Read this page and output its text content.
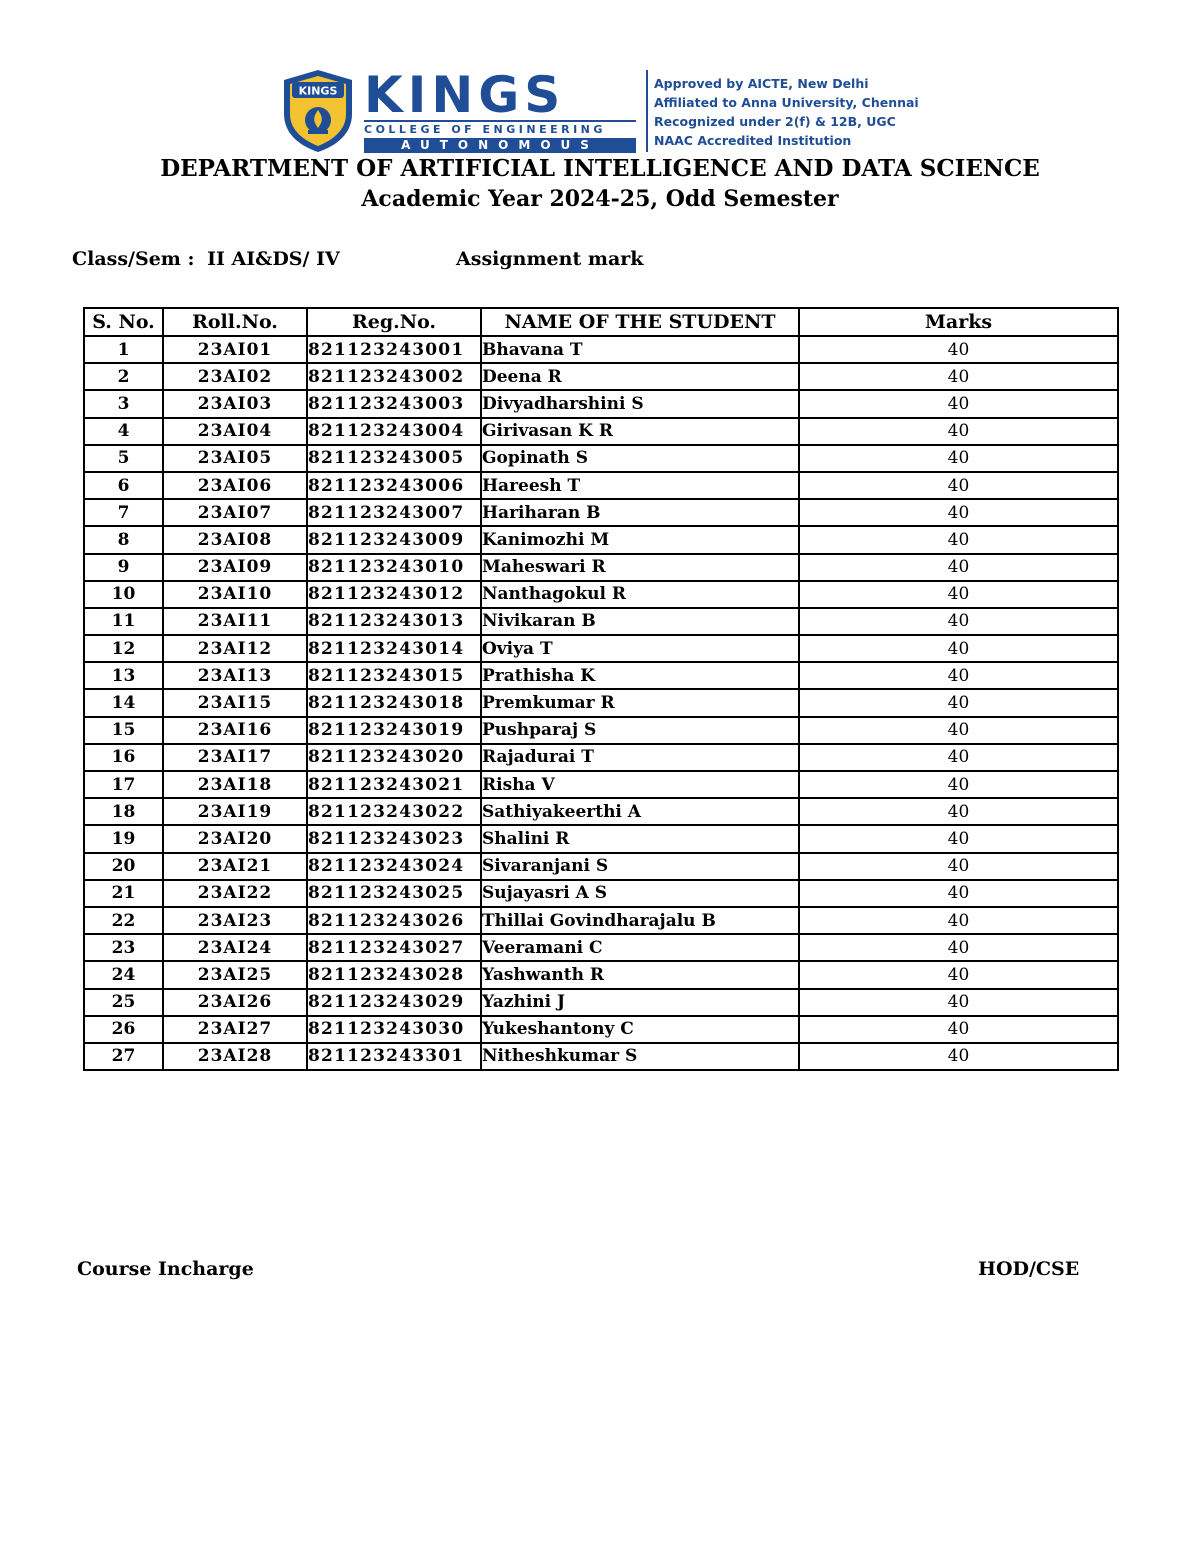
KINGS KINGS
COLLEGE OF ENGINEERING
AUTONOMOUS
Approved by AICTE, New Delhi
Affiliated to Anna University, Chennai
Recognized under 2(f) & 12B, UGC
NAAC Accredited Institution
DEPARTMENT OF ARTIFICIAL INTELLIGENCE AND DATA SCIENCE
Academic Year 2024-25, Odd Semester
Class/Sem : II AI&DS/ IV	Assignment mark
S. No.	Roll.No.	Reg.No.	NAME OF THE STUDENT	Marks
1	23AI01	821123243001	Bhavana T	40
2	23AI02	821123243002	Deena R	40
3	23AI03	821123243003	Divyadharshini S	40
4	23AI04	821123243004	Girivasan K R	40
5	23AI05	821123243005	Gopinath S	40
6	23AI06	821123243006	Hareesh T	40
7	23AI07	821123243007	Hariharan B	40
8	23AI08	821123243009	Kanimozhi M	40
9	23AI09	821123243010	Maheswari R	40
10	23AI10	821123243012	Nanthagokul R	40
11	23AI11	821123243013	Nivikaran B	40
12	23AI12	821123243014	Oviya T	40
13	23AI13	821123243015	Prathisha K	40
14	23AI15	821123243018	Premkumar R	40
15	23AI16	821123243019	Pushparaj S	40
16	23AI17	821123243020	Rajadurai T	40
17	23AI18	821123243021	Risha V	40
18	23AI19	821123243022	Sathiyakeerthi A	40
19	23AI20	821123243023	Shalini R	40
20	23AI21	821123243024	Sivaranjani S	40
21	23AI22	821123243025	Sujayasri A S	40
22	23AI23	821123243026	Thillai Govindharajalu B	40
23	23AI24	821123243027	Veeramani C	40
24	23AI25	821123243028	Yashwanth R	40
25	23AI26	821123243029	Yazhini J	40
26	23AI27	821123243030	Yukeshantony C	40
27	23AI28	821123243301	Nitheshkumar S	40
Course Incharge	HOD/CSE
